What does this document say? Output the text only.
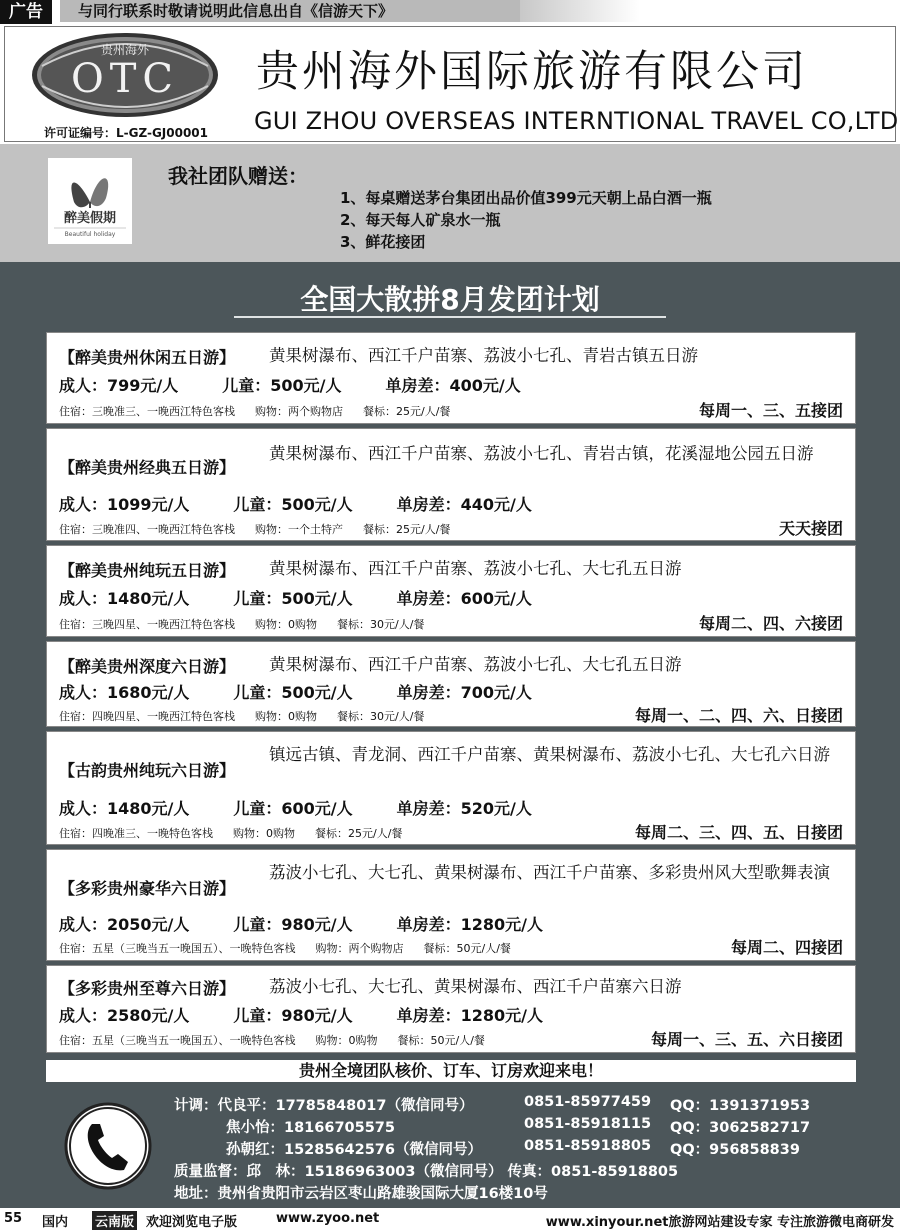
广告	与同行联系时敬请说明此信息出自《信游天下》
贵州海外
OTC
许可证编号：L-GZ-GJ00001
贵州海外国际旅游有限公司
GUI ZHOU OVERSEAS INTERNTIONAL TRAVEL CO,LTD
醉美假期
Beautiful holiday
我社团队赠送：
1、每桌赠送茅台集团出品价值399元天朝上品白酒一瓶
2、每天每人矿泉水一瓶
3、鲜花接团
全国大散拼8月发团计划
【醉美贵州休闲五日游】 黄果树瀑布、西江千户苗寨、荔波小七孔、青岩古镇五日游
成人：799元/人	儿童：500元/人	单房差：400元/人
住宿：三晚准三、一晚西江特色客栈 购物：两个购物店 餐标：25元/人/餐	每周一、三、五接团
【醉美贵州经典五日游】
黄果树瀑布、西江千户苗寨、荔波小七孔、青岩古镇，花溪湿地公园五日游
成人：1099元/人	儿童：500元/人	单房差：440元/人
住宿：三晚准四、一晚西江特色客栈 购物：一个土特产 餐标：25元/人/餐	天天接团
【醉美贵州纯玩五日游】 黄果树瀑布、西江千户苗寨、荔波小七孔、大七孔五日游
成人：1480元/人	儿童：500元/人	单房差：600元/人
住宿：三晚四星、一晚西江特色客栈 购物：0购物 餐标：30元/人/餐	每周二、四、六接团
【醉美贵州深度六日游】 黄果树瀑布、西江千户苗寨、荔波小七孔、大七孔五日游
成人：1680元/人	儿童：500元/人	单房差：700元/人
住宿：四晚四星、一晚西江特色客栈 购物：0购物 餐标：30元/人/餐	每周一、二、四、六、日接团
【古韵贵州纯玩六日游】
镇远古镇、青龙洞、西江千户苗寨、黄果树瀑布、荔波小七孔、大七孔六日游
成人：1480元/人	儿童：600元/人	单房差：520元/人
住宿：四晚准三、一晚特色客栈 购物：0购物 餐标：25元/人/餐	每周二、三、四、五、日接团
【多彩贵州豪华六日游】
荔波小七孔、大七孔、黄果树瀑布、西江千户苗寨、多彩贵州风大型歌舞表演
成人：2050元/人	儿童：980元/人	单房差：1280元/人
住宿：五星（三晚当五一晚国五）、一晚特色客栈 购物：两个购物店 餐标：50元/人/餐	每周二、四接团
【多彩贵州至尊六日游】 荔波小七孔、大七孔、黄果树瀑布、西江千户苗寨六日游
成人：2580元/人	儿童：980元/人	单房差：1280元/人
住宿：五星（三晚当五一晚国五）、一晚特色客栈 购物：0购物 餐标：50元/人/餐	每周一、三、五、六日接团
贵州全境团队核价、订车、订房欢迎来电！
计调：代良平：17785848017（微信同号）	0851-85977459 QQ：1391371953
焦小怡：18166705575	0851-85918115 QQ：3062582717
孙朝红：15285642576（微信同号）	0851-85918805 QQ：956858839
质量监督：邱　林：15186963003（微信同号） 传真：0851-85918805
地址：贵州省贵阳市云岩区枣山路雄骏国际大厦16楼10号
55 国内 云南版 欢迎浏览电子版	www.zyoo.net	www.xinyour.net旅游网站建设专家 专注旅游微电商研发
